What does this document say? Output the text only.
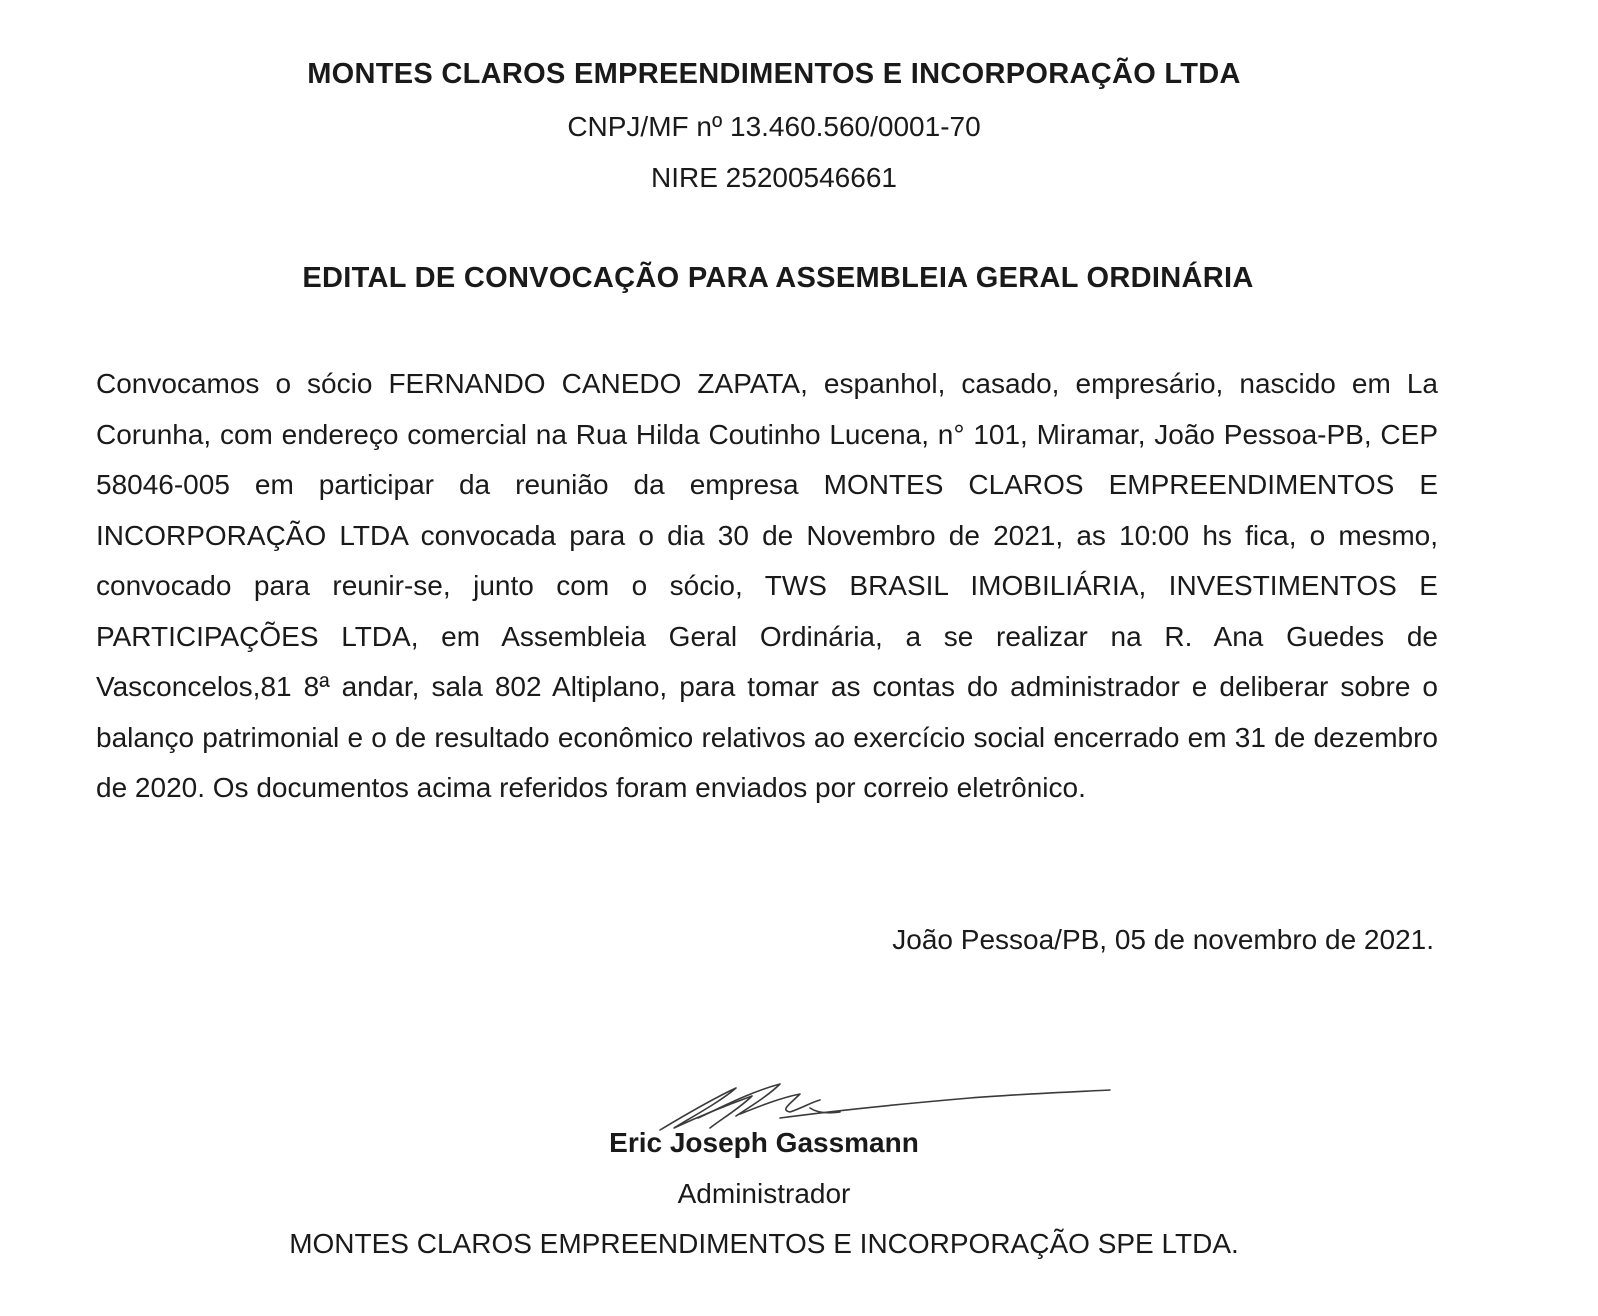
MONTES CLAROS EMPREENDIMENTOS E INCORPORAÇÃO LTDA
CNPJ/MF nº 13.460.560/0001-70
NIRE 25200546661
EDITAL DE CONVOCAÇÃO PARA ASSEMBLEIA GERAL ORDINÁRIA
Convocamos o sócio FERNANDO CANEDO ZAPATA, espanhol, casado, empresário, nascido em La Corunha, com endereço comercial na Rua Hilda Coutinho Lucena, n° 101, Miramar, João Pessoa-PB, CEP 58046-005 em participar da reunião da empresa MONTES CLAROS EMPREENDIMENTOS E INCORPORAÇÃO LTDA convocada para o dia 30 de Novembro de 2021, as 10:00 hs fica, o mesmo, convocado para reunir-se, junto com o sócio, TWS BRASIL IMOBILIÁRIA, INVESTIMENTOS E PARTICIPAÇÕES LTDA, em Assembleia Geral Ordinária, a se realizar na R. Ana Guedes de Vasconcelos,81 8ª andar, sala 802 Altiplano, para tomar as contas do administrador e deliberar sobre o balanço patrimonial e o de resultado econômico relativos ao exercício social encerrado em 31 de dezembro de 2020. Os documentos acima referidos foram enviados por correio eletrônico.
João Pessoa/PB, 05 de novembro de 2021.
Eric Joseph Gassmann
Administrador
MONTES CLAROS EMPREENDIMENTOS E INCORPORAÇÃO SPE LTDA.
